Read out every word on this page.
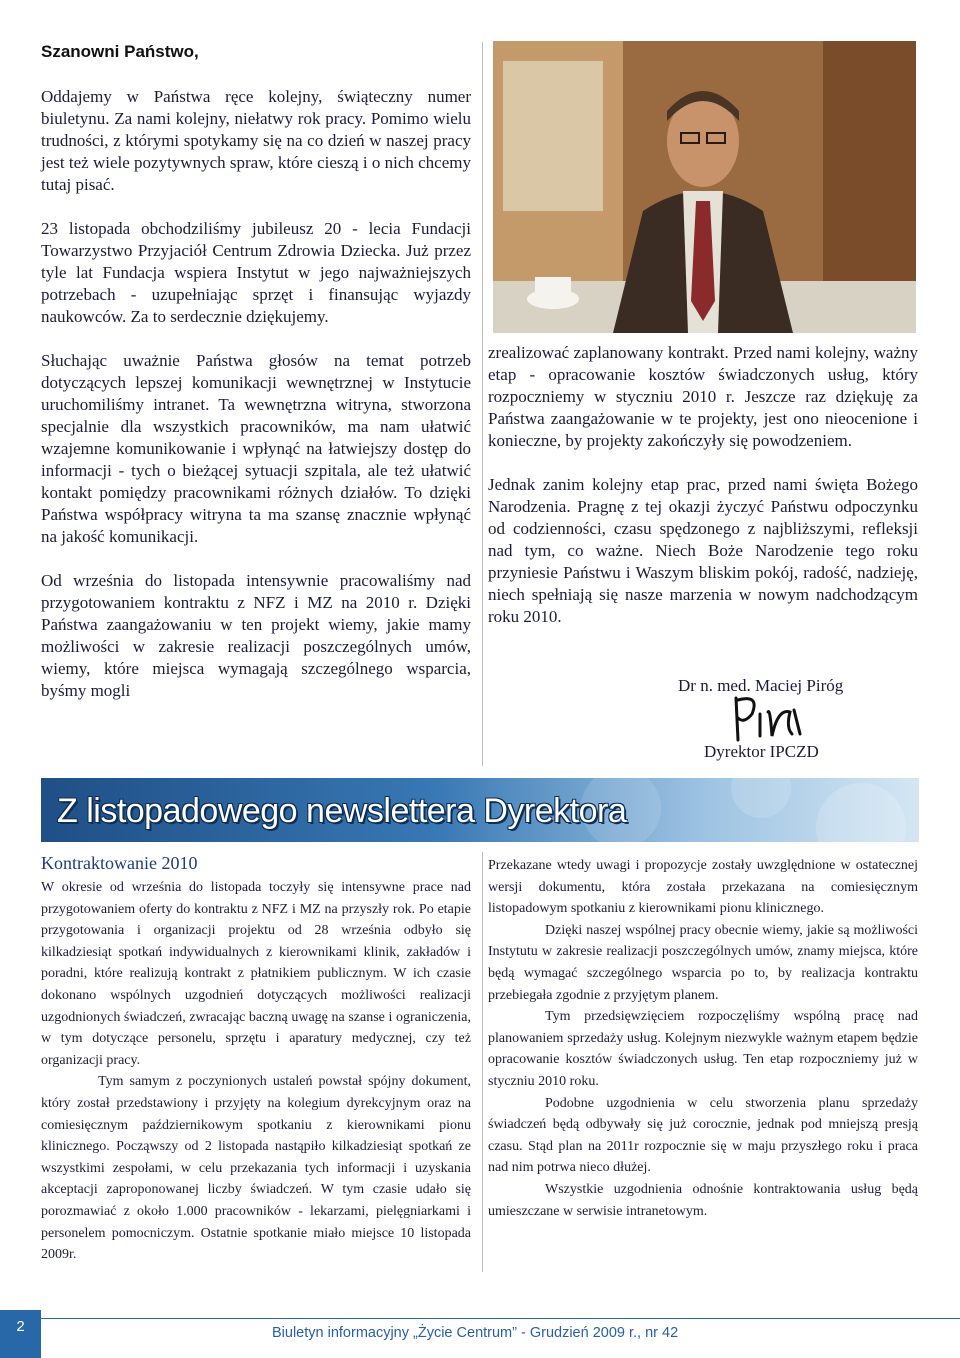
Szanowni Państwo,

Oddajemy w Państwa ręce kolejny, świąteczny numer biuletynu. Za nami kolejny, niełatwy rok pracy. Pomimo wielu trudności, z którymi spotykamy się na co dzień w naszej pracy jest też wiele pozytywnych spraw, które cieszą i o nich chcemy tutaj pisać.

23 listopada obchodziliśmy jubileusz 20 - lecia Fundacji Towarzystwo Przyjaciół Centrum Zdrowia Dziecka. Już przez tyle lat Fundacja wspiera Instytut w jego najważniejszych potrzebach - uzupełniając sprzęt i finansując wyjazdy naukowców. Za to serdecznie dziękujemy.

Słuchając uważnie Państwa głosów na temat potrzeb dotyczących lepszej komunikacji wewnętrznej w Instytucie uruchomiliśmy intranet. Ta wewnętrzna witryna, stworzona specjalnie dla wszystkich pracowników, ma nam ułatwić wzajemne komunikowanie i wpłynąć na łatwiejszy dostęp do informacji - tych o bieżącej sytuacji szpitala, ale też ułatwić kontakt pomiędzy pracownikami różnych działów. To dzięki Państwa współpracy witryna ta ma szansę znacznie wpłynąć na jakość komunikacji.

Od września do listopada intensywnie pracowaliśmy nad przygotowaniem kontraktu z NFZ i MZ na 2010 r. Dzięki Państwa zaangażowaniu w ten projekt wiemy, jakie mamy możliwości w zakresie realizacji poszczególnych umów, wiemy, które miejsca wymagają szczególnego wsparcia, byśmy mogli

zrealizować zaplanowany kontrakt. Przed nami kolejny, ważny etap - opracowanie kosztów świadczonych usług, który rozpoczniemy w styczniu 2010 r. Jeszcze raz dziękuję za Państwa zaangażowanie w te projekty, jest ono nieocenione i konieczne, by projekty zakończyły się powodzeniem.

Jednak zanim kolejny etap prac, przed nami święta Bożego Narodzenia. Pragnę z tej okazji życzyć Państwu odpoczynku od codzienności, czasu spędzonego z najbliższymi, refleksji nad tym, co ważne. Niech Boże Narodzenie tego roku przyniesie Państwu i Waszym bliskim pokój, radość, nadzieję, niech spełniają się nasze marzenia w nowym nadchodzącym roku 2010.

Dr n. med. Maciej Piróg
Dyrektor IPCZD
Z listopadowego newslettera Dyrektora
Kontraktowanie 2010

W okresie od września do listopada toczyły się intensywne prace nad przygotowaniem oferty do kontraktu z NFZ i MZ na przyszły rok. Po etapie przygotowania i organizacji projektu od 28 września odbyło się kilkadziesiąt spotkań indywidualnych z kierownikami klinik, zakładów i poradni, które realizują kontrakt z płatnikiem publicznym. W ich czasie dokonano wspólnych uzgodnień dotyczących możliwości realizacji uzgodnionych świadczeń, zwracając baczną uwagę na szanse i ograniczenia, w tym dotyczące personelu, sprzętu i aparatury medycznej, czy też organizacji pracy.

Tym samym z poczynionych ustaleń powstał spójny dokument, który został przedstawiony i przyjęty na kolegium dyrekcyjnym oraz na comiesięcznym październikowym spotkaniu z kierownikami pionu klinicznego. Począwszy od 2 listopada nastąpiło kilkadziesiąt spotkań ze wszystkimi zespołami, w celu przekazania tych informacji i uzyskania akceptacji zaproponowanej liczby świadczeń. W tym czasie udało się porozmawiać z około 1.000 pracowników - lekarzami, pielęgniarkami i personelem pomocniczym. Ostatnie spotkanie miało miejsce 10 listopada 2009r.

Przekazane wtedy uwagi i propozycje zostały uwzględnione w ostatecznej wersji dokumentu, która została przekazana na comiesięcznym listopadowym spotkaniu z kierownikami pionu klinicznego.

Dzięki naszej wspólnej pracy obecnie wiemy, jakie są możliwości Instytutu w zakresie realizacji poszczególnych umów, znamy miejsca, które będą wymagać szczególnego wsparcia po to, by realizacja kontraktu przebiegała zgodnie z przyjętym planem.

Tym przedsięwzięciem rozpoczęliśmy wspólną pracę nad planowaniem sprzedaży usług. Kolejnym niezwykle ważnym etapem będzie opracowanie kosztów świadczonych usług. Ten etap rozpoczniemy już w styczniu 2010 roku.

Podobne uzgodnienia w celu stworzenia planu sprzedaży świadczeń będą odbywały się już corocznie, jednak pod mniejszą presją czasu. Stąd plan na 2011r rozpocznie się w maju przyszłego roku i praca nad nim potrwa nieco dłużej.

Wszystkie uzgodnienia odnośnie kontraktowania usług będą umieszczane w serwisie intranetowym.

2	Biuletyn informacyjny „Życie Centrum” - Grudzień 2009 r., nr 42
